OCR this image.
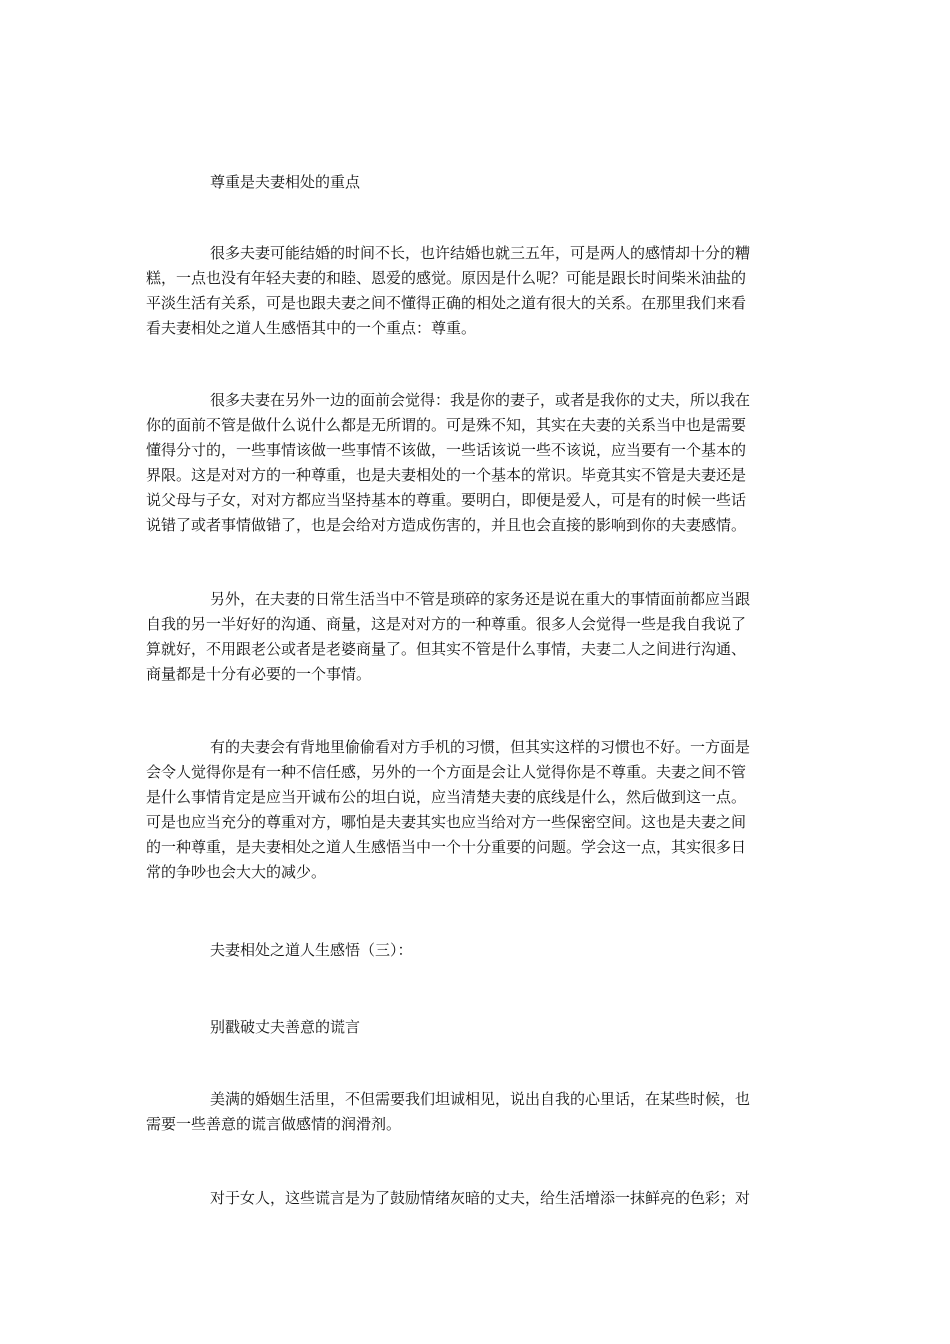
尊重是夫妻相处的重点
很多夫妻可能结婚的时间不长，也许结婚也就三五年，可是两人的感情却十分的糟
糕，一点也没有年轻夫妻的和睦、恩爱的感觉。原因是什么呢？可能是跟长时间柴米油盐的
平淡生活有关系，可是也跟夫妻之间不懂得正确的相处之道有很大的关系。在那里我们来看
看夫妻相处之道人生感悟其中的一个重点：尊重。
很多夫妻在另外一边的面前会觉得：我是你的妻子，或者是我你的丈夫，所以我在
你的面前不管是做什么说什么都是无所谓的。可是殊不知，其实在夫妻的关系当中也是需要
懂得分寸的，一些事情该做一些事情不该做，一些话该说一些不该说，应当要有一个基本的
界限。这是对对方的一种尊重，也是夫妻相处的一个基本的常识。毕竟其实不管是夫妻还是
说父母与子女，对对方都应当坚持基本的尊重。要明白，即便是爱人，可是有的时候一些话
说错了或者事情做错了，也是会给对方造成伤害的，并且也会直接的影响到你的夫妻感情。
另外，在夫妻的日常生活当中不管是琐碎的家务还是说在重大的事情面前都应当跟
自我的另一半好好的沟通、商量，这是对对方的一种尊重。很多人会觉得一些是我自我说了
算就好，不用跟老公或者是老婆商量了。但其实不管是什么事情，夫妻二人之间进行沟通、
商量都是十分有必要的一个事情。
有的夫妻会有背地里偷偷看对方手机的习惯，但其实这样的习惯也不好。一方面是
会令人觉得你是有一种不信任感，另外的一个方面是会让人觉得你是不尊重。夫妻之间不管
是什么事情肯定是应当开诚布公的坦白说，应当清楚夫妻的底线是什么，然后做到这一点。
可是也应当充分的尊重对方，哪怕是夫妻其实也应当给对方一些保密空间。这也是夫妻之间
的一种尊重，是夫妻相处之道人生感悟当中一个十分重要的问题。学会这一点，其实很多日
常的争吵也会大大的减少。
夫妻相处之道人生感悟（三）：
别戳破丈夫善意的谎言
美满的婚姻生活里，不但需要我们坦诚相见，说出自我的心里话，在某些时候，也
需要一些善意的谎言做感情的润滑剂。
对于女人，这些谎言是为了鼓励情绪灰暗的丈夫，给生活增添一抹鲜亮的色彩；对
